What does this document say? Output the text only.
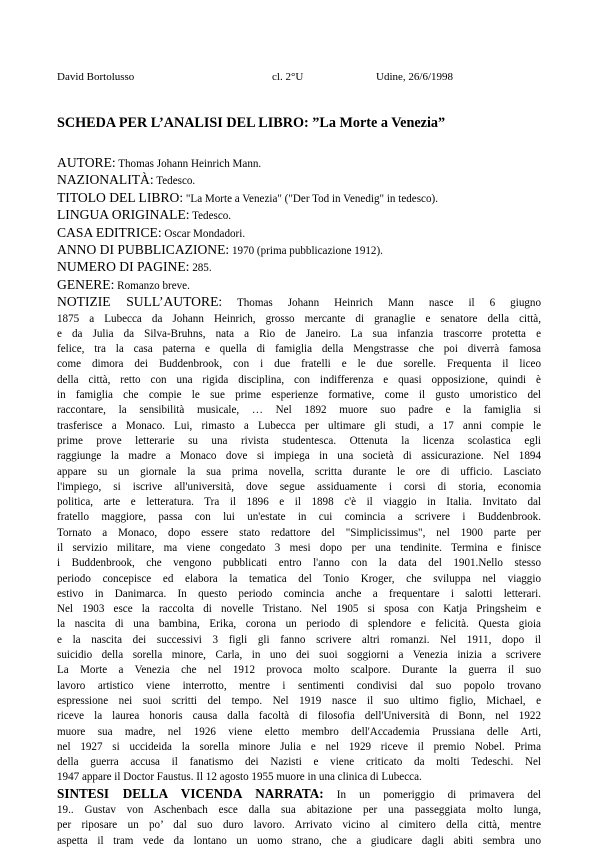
David Bortolusso	cl. 2°U	Udine, 26/6/1998
SCHEDA PER L’ANALISI DEL LIBRO: ”La Morte a Venezia”
AUTORE: Thomas Johann Heinrich Mann.
NAZIONALITÀ: Tedesco.
TITOLO DEL LIBRO: "La Morte a Venezia" ("Der Tod in Venedig" in tedesco).
LINGUA ORIGINALE: Tedesco.
CASA EDITRICE: Oscar Mondadori.
ANNO DI PUBBLICAZIONE: 1970 (prima pubblicazione 1912).
NUMERO DI PAGINE: 285.
GENERE: Romanzo breve.
NOTIZIE SULL’AUTORE: Thomas Johann Heinrich Mann nasce il 6 giugno
1875 a Lubecca da Johann Heinrich, grosso mercante di granaglie e senatore della città,
e da Julia da Silva-Bruhns, nata a Rio de Janeiro. La sua infanzia trascorre protetta e
felice, tra la casa paterna e quella di famiglia della Mengstrasse che poi diverrà famosa
come dimora dei Buddenbrook, con i due fratelli e le due sorelle. Frequenta il liceo
della città, retto con una rigida disciplina, con indifferenza e quasi opposizione, quindi è
in famiglia che compie le sue prime esperienze formative, come il gusto umoristico del
raccontare, la sensibilità musicale, … Nel 1892 muore suo padre e la famiglia si
trasferisce a Monaco. Lui, rimasto a Lubecca per ultimare gli studi, a 17 anni compie le
prime prove letterarie su una rivista studentesca. Ottenuta la licenza scolastica egli
raggiunge la madre a Monaco dove si impiega in una società di assicurazione. Nel 1894
appare su un giornale la sua prima novella, scritta durante le ore di ufficio. Lasciato
l'impiego, si iscrive all'università, dove segue assiduamente i corsi di storia, economia
politica, arte e letteratura. Tra il 1896 e il 1898 c'è il viaggio in Italia. Invitato dal
fratello maggiore, passa con lui un'estate in cui comincia a scrivere i Buddenbrook.
Tornato a Monaco, dopo essere stato redattore del "Simplicissimus", nel 1900 parte per
il servizio militare, ma viene congedato 3 mesi dopo per una tendinite. Termina e finisce
i Buddenbrook, che vengono pubblicati entro l'anno con la data del 1901.Nello stesso
periodo concepisce ed elabora la tematica del Tonio Kroger, che sviluppa nel viaggio
estivo in Danimarca. In questo periodo comincia anche a frequentare i salotti letterari.
Nel 1903 esce la raccolta di novelle Tristano. Nel 1905 si sposa con Katja Pringsheim e
la nascita di una bambina, Erika, corona un periodo di splendore e felicità. Questa gioia
e la nascita dei successivi 3 figli gli fanno scrivere altri romanzi. Nel 1911, dopo il
suicidio della sorella minore, Carla, in uno dei suoi soggiorni a Venezia inizia a scrivere
La Morte a Venezia che nel 1912 provoca molto scalpore. Durante la guerra il suo
lavoro artistico viene interrotto, mentre i sentimenti condivisi dal suo popolo trovano
espressione nei suoi scritti del tempo. Nel 1919 nasce il suo ultimo figlio, Michael, e
riceve la laurea honoris causa dalla facoltà di filosofia dell'Università di Bonn, nel 1922
muore sua madre, nel 1926 viene eletto membro dell'Accademia Prussiana delle Arti,
nel 1927 si uccideida la sorella minore Julia e nel 1929 riceve il premio Nobel. Prima
della guerra accusa il fanatismo dei Nazisti e viene criticato da molti Tedeschi. Nel
1947 appare il Doctor Faustus. Il 12 agosto 1955 muore in una clinica di Lubecca.
SINTESI DELLA VICENDA NARRATA: In un pomeriggio di primavera del
19.. Gustav von Aschenbach esce dalla sua abitazione per una passeggiata molto lunga,
per riposare un po’ dal suo duro lavoro. Arrivato vicino al cimitero della città, mentre
aspetta il tram vede da lontano un uomo strano, che a giudicare dagli abiti sembra uno
